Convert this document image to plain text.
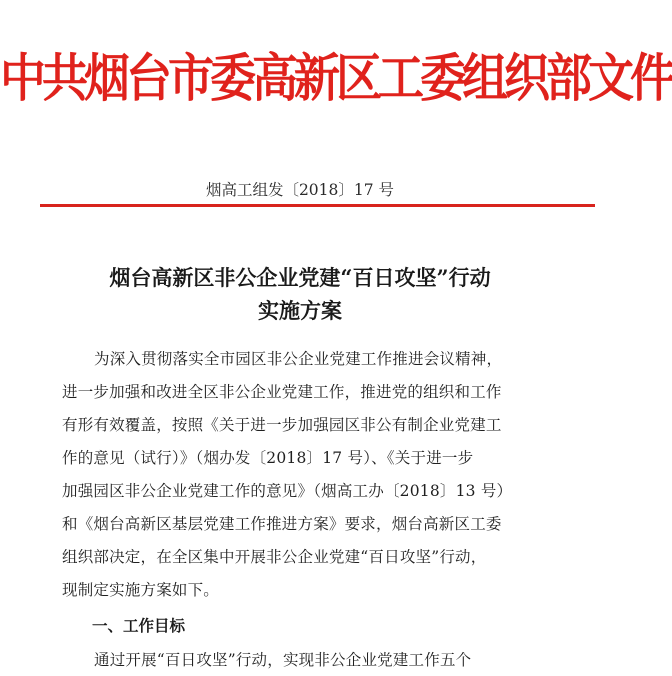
中共烟台市委高新区工委组织部文件
烟高工组发〔2018〕17 号
烟台高新区非公企业党建“百日攻坚”行动
实施方案
为深入贯彻落实全市园区非公企业党建工作推进会议精神，
进一步加强和改进全区非公企业党建工作，推进党的组织和工作
有形有效覆盖，按照《关于进一步加强园区非公有制企业党建工
作的意见（试行）》（烟办发〔2018〕17 号）、《关于进一步
加强园区非公企业党建工作的意见》（烟高工办〔2018〕13 号）
和《烟台高新区基层党建工作推进方案》要求，烟台高新区工委
组织部决定，在全区集中开展非公企业党建“百日攻坚”行动，
现制定实施方案如下。
一、工作目标
通过开展“百日攻坚”行动，实现非公企业党建工作五个
